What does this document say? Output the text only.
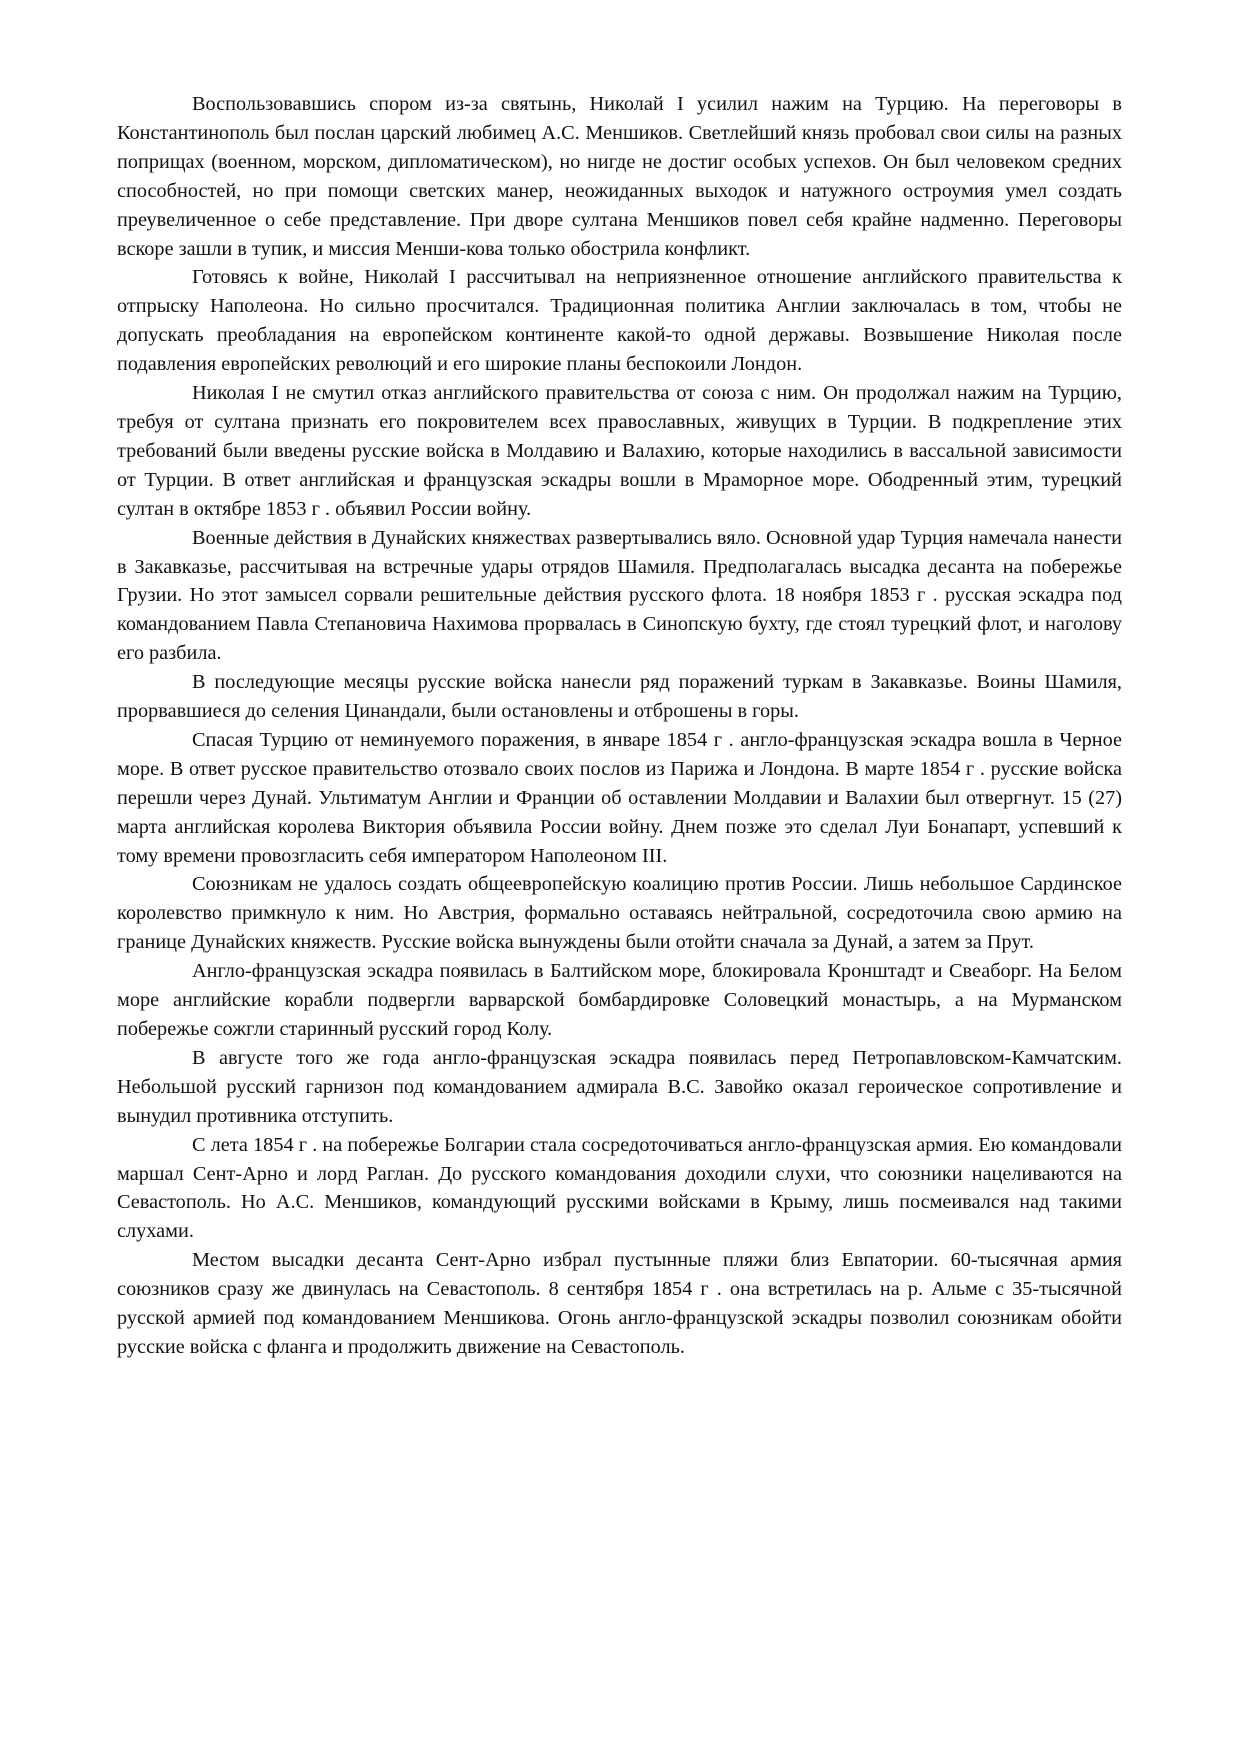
Воспользовавшись спором из-за святынь, Николай I усилил нажим на Турцию. На переговоры в Константинополь был послан царский любимец А.С. Меншиков. Светлейший князь пробовал свои силы на разных поприщах (военном, морском, дипломатическом), но нигде не достиг особых успехов. Он был человеком средних способностей, но при помощи светских манер, неожиданных выходок и натужного остроумия умел создать преувеличенное о себе представление. При дворе султана Меншиков повел себя крайне надменно. Переговоры вскоре зашли в тупик, и миссия Менши-кова только обострила конфликт.

Готовясь к войне, Николай I рассчитывал на неприязненное отношение английского правительства к отпрыску Наполеона. Но сильно просчитался. Традиционная политика Англии заключалась в том, чтобы не допускать преобладания на европейском континенте какой-то одной державы. Возвышение Николая после подавления европейских революций и его широкие планы беспокоили Лондон.

Николая I не смутил отказ английского правительства от союза с ним. Он продолжал нажим на Турцию, требуя от султана признать его покровителем всех православных, живущих в Турции. В подкрепление этих требований были введены русские войска в Молдавию и Валахию, которые находились в вассальной зависимости от Турции. В ответ английская и французская эскадры вошли в Мраморное море. Ободренный этим, турецкий султан в октябре 1853 г . объявил России войну.

Военные действия в Дунайских княжествах развертывались вяло. Основной удар Турция намечала нанести в Закавказье, рассчитывая на встречные удары отрядов Шамиля. Предполагалась высадка десанта на побережье Грузии. Но этот замысел сорвали решительные действия русского флота. 18 ноября 1853 г . русская эскадра под командованием Павла Степановича Нахимова прорвалась в Синопскую бухту, где стоял турецкий флот, и наголову его разбила.

В последующие месяцы русские войска нанесли ряд поражений туркам в Закавказье. Воины Шамиля, прорвавшиеся до селения Цинандали, были остановлены и отброшены в горы.

Спасая Турцию от неминуемого поражения, в январе 1854 г . англо-французская эскадра вошла в Черное море. В ответ русское правительство отозвало своих послов из Парижа и Лондона. В марте 1854 г . русские войска перешли через Дунай. Ультиматум Англии и Франции об оставлении Молдавии и Валахии был отвергнут. 15 (27) марта английская королева Виктория объявила России войну. Днем позже это сделал Луи Бонапарт, успевший к тому времени провозгласить себя императором Наполеоном III.

Союзникам не удалось создать общеевропейскую коалицию против России. Лишь небольшое Сардинское королевство примкнуло к ним. Но Австрия, формально оставаясь нейтральной, сосредоточила свою армию на границе Дунайских княжеств. Русские войска вынуждены были отойти сначала за Дунай, а затем за Прут.

Англо-французская эскадра появилась в Балтийском море, блокировала Кронштадт и Свеаборг. На Белом море английские корабли подвергли варварской бомбардировке Соловецкий монастырь, а на Мурманском побережье сожгли старинный русский город Колу.

В августе того же года англо-французская эскадра появилась перед Петропавловском-Камчатским. Небольшой русский гарнизон под командованием адмирала В.С. Завойко оказал героическое сопротивление и вынудил противника отступить.

С лета 1854 г . на побережье Болгарии стала сосредоточиваться англо-французская армия. Ею командовали маршал Сент-Арно и лорд Раглан. До русского командования доходили слухи, что союзники нацеливаются на Севастополь. Но А.С. Меншиков, командующий русскими войсками в Крыму, лишь посмеивался над такими слухами.

Местом высадки десанта Сент-Арно избрал пустынные пляжи близ Евпатории. 60-тысячная армия союзников сразу же двинулась на Севастополь. 8 сентября 1854 г . она встретилась на р. Альме с 35-тысячной русской армией под командованием Меншикова. Огонь англо-французской эскадры позволил союзникам обойти русские войска с фланга и продолжить движение на Севастополь.
